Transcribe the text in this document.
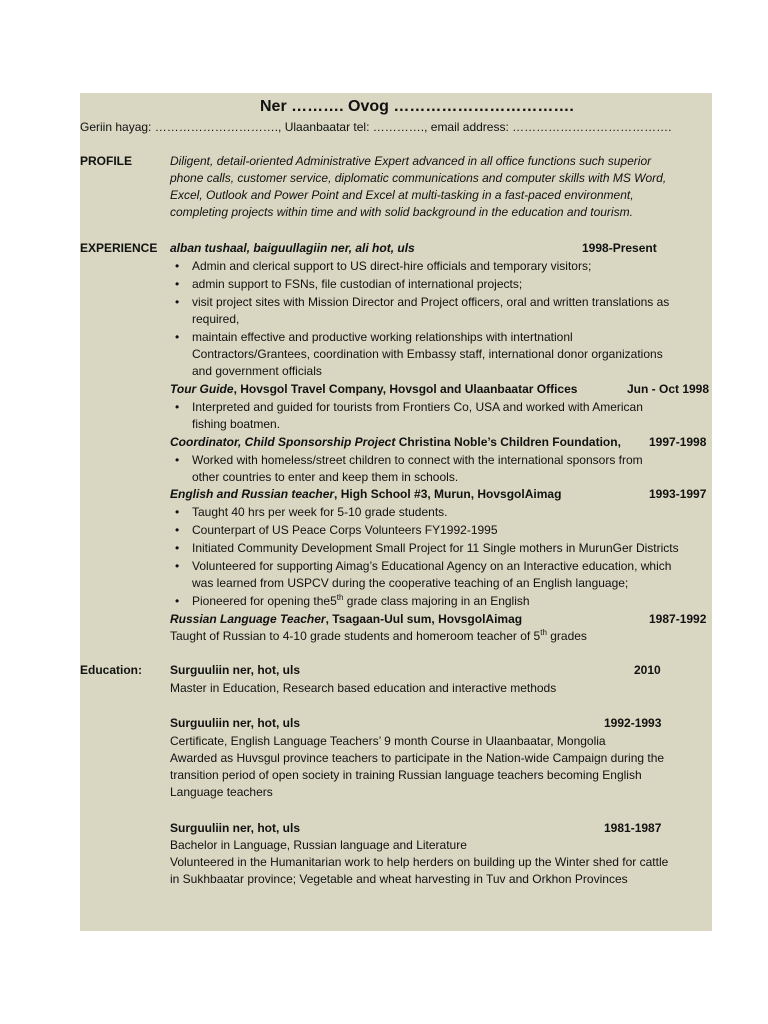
Ner ………. Ovog …………………………….
Geriin hayag: …………………………., Ulaanbaatar tel: …………., email address: ………………………………….
PROFILE	Diligent, detail-oriented Administrative Expert advanced in all office functions such superior
phone calls, customer service, diplomatic communications and computer skills with MS Word,
Excel, Outlook and Power Point and Excel at multi-tasking in a fast-paced environment,
completing projects within time and with solid background in the education and tourism.
EXPERIENCE alban tushaal, baiguullagiin ner, ali hot, uls	1998-Present
• Admin and clerical support to US direct-hire officials and temporary visitors;
• admin support to FSNs, file custodian of international projects;
• visit project sites with Mission Director and Project officers, oral and written translations as
required,
• maintain effective and productive working relationships with intertnationl
Contractors/Grantees, coordination with Embassy staff, international donor organizations
and government officials
Tour Guide, Hovsgol Travel Company, Hovsgol and Ulaanbaatar Offices	Jun - Oct 1998
• Interpreted and guided for tourists from Frontiers Co, USA and worked with American
fishing boatmen.
Coordinator, Child Sponsorship Project Christina Noble’s Children Foundation, 1997-1998
• Worked with homeless/street children to connect with the international sponsors from
other countries to enter and keep them in schools.
English and Russian teacher, High School #3, Murun, HovsgolAimag	1993-1997
• Taught 40 hrs per week for 5-10 grade students.
• Counterpart of US Peace Corps Volunteers FY1992-1995
• Initiated Community Development Small Project for 11 Single mothers in MurunGer Districts
• Volunteered for supporting Aimag’s Educational Agency on an Interactive education, which
was learned from USPCV during the cooperative teaching of an English language;
• Pioneered for opening the5th grade class majoring in an English
Russian Language Teacher, Tsagaan-Uul sum, HovsgolAimag	1987-1992
Taught of Russian to 4-10 grade students and homeroom teacher of 5th grades
Education: Surguuliin ner, hot, uls	2010
Master in Education, Research based education and interactive methods
Surguuliin ner, hot, uls	1992-1993
Certificate, English Language Teachers’ 9 month Course in Ulaanbaatar, Mongolia
Awarded as Huvsgul province teachers to participate in the Nation-wide Campaign during the
transition period of open society in training Russian language teachers becoming English
Language teachers
Surguuliin ner, hot, uls	1981-1987
Bachelor in Language, Russian language and Literature
Volunteered in the Humanitarian work to help herders on building up the Winter shed for cattle
in Sukhbaatar province; Vegetable and wheat harvesting in Tuv and Orkhon Provinces
